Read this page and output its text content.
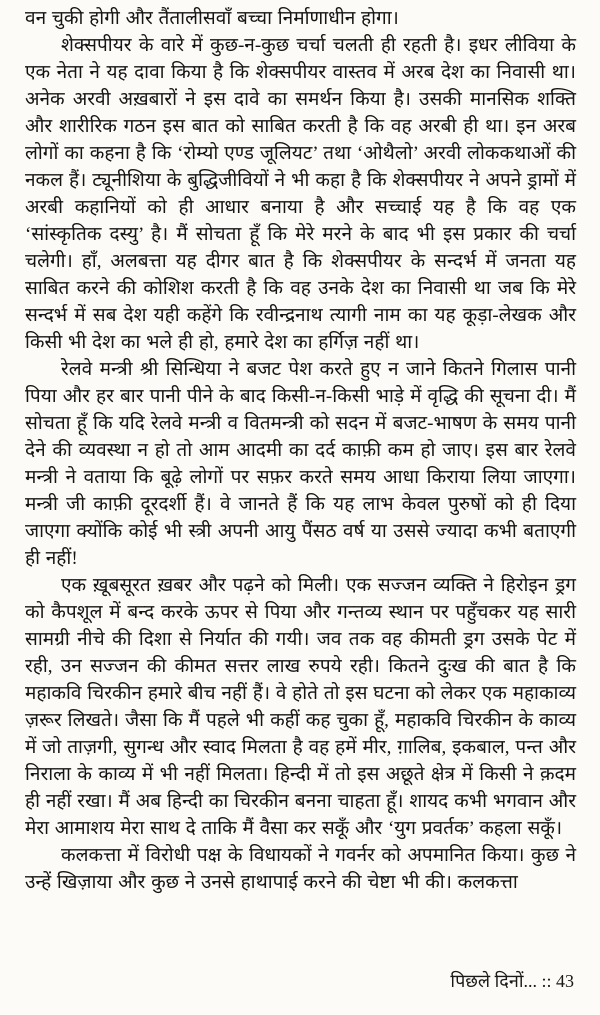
वन चुकी होगी और तैंतालीसवाँ बच्चा निर्माणाधीन होगा।

शेक्सपीयर के वारे में कुछ-न-कुछ चर्चा चलती ही रहती है। इधर लीविया के एक नेता ने यह दावा किया है कि शेक्सपीयर वास्तव में अरब देश का निवासी था। अनेक अरवी अख़बारों ने इस दावे का समर्थन किया है। उसकी मानसिक शक्ति और शारीरिक गठन इस बात को साबित करती है कि वह अरबी ही था। इन अरब लोगों का कहना है कि ‘रोम्यो एण्ड जूलियट’ तथा ‘ओथैलो’ अरवी लोककथाओं की नकल हैं। ट्यूनीशिया के बुद्धिजीवियों ने भी कहा है कि शेक्सपीयर ने अपने ड्रामों में अरबी कहानियों को ही आधार बनाया है और सच्चाई यह है कि वह एक ‘सांस्कृतिक दस्यु’ है। मैं सोचता हूँ कि मेरे मरने के बाद भी इस प्रकार की चर्चा चलेगी। हाँ, अलबत्ता यह दीगर बात है कि शेक्सपीयर के सन्दर्भ में जनता यह साबित करने की कोशिश करती है कि वह उनके देश का निवासी था जब कि मेरे सन्दर्भ में सब देश यही कहेंगे कि रवीन्द्रनाथ त्यागी नाम का यह कूड़ा-लेखक और किसी भी देश का भले ही हो, हमारे देश का हर्गिज़ नहीं था।

रेलवे मन्त्री श्री सिन्धिया ने बजट पेश करते हुए न जाने कितने गिलास पानी पिया और हर बार पानी पीने के बाद किसी-न-किसी भाड़े में वृद्धि की सूचना दी। मैं सोचता हूँ कि यदि रेलवे मन्त्री व वितमन्त्री को सदन में बजट-भाषण के समय पानी देने की व्यवस्था न हो तो आम आदमी का दर्द काफ़ी कम हो जाए। इस बार रेलवे मन्त्री ने वताया कि बूढ़े लोगों पर सफ़र करते समय आधा किराया लिया जाएगा। मन्त्री जी काफ़ी दूरदर्शी हैं। वे जानते हैं कि यह लाभ केवल पुरुषों को ही दिया जाएगा क्योंकि कोई भी स्त्री अपनी आयु पैंसठ वर्ष या उससे ज्यादा कभी बताएगी ही नहीं!

एक ख़ूबसूरत ख़बर और पढ़ने को मिली। एक सज्जन व्यक्ति ने हिरोइन ड्रग को कैपशूल में बन्द करके ऊपर से पिया और गन्तव्य स्थान पर पहुँचकर यह सारी सामग्री नीचे की दिशा से निर्यात की गयी। जव तक वह कीमती ड्रग उसके पेट में रही, उन सज्जन की कीमत सत्तर लाख रुपये रही। कितने दुःख की बात है कि महाकवि चिरकीन हमारे बीच नहीं हैं। वे होते तो इस घटना को लेकर एक महाकाव्य ज़रूर लिखते। जैसा कि मैं पहले भी कहीं कह चुका हूँ, महाकवि चिरकीन के काव्य में जो ताज़गी, सुगन्ध और स्वाद मिलता है वह हमें मीर, ग़ालिब, इकबाल, पन्त और निराला के काव्य में भी नहीं मिलता। हिन्दी में तो इस अछूते क्षेत्र में किसी ने क़दम ही नहीं रखा। मैं अब हिन्दी का चिरकीन बनना चाहता हूँ। शायद कभी भगवान और मेरा आमाशय मेरा साथ दे ताकि मैं वैसा कर सकूँ और ‘युग प्रवर्तक’ कहला सकूँ।

कलकत्ता में विरोधी पक्ष के विधायकों ने गवर्नर को अपमानित किया। कुछ ने उन्हें खिज़ाया और कुछ ने उनसे हाथापाई करने की चेष्टा भी की। कलकत्ता

पिछले दिनों... :: 43
